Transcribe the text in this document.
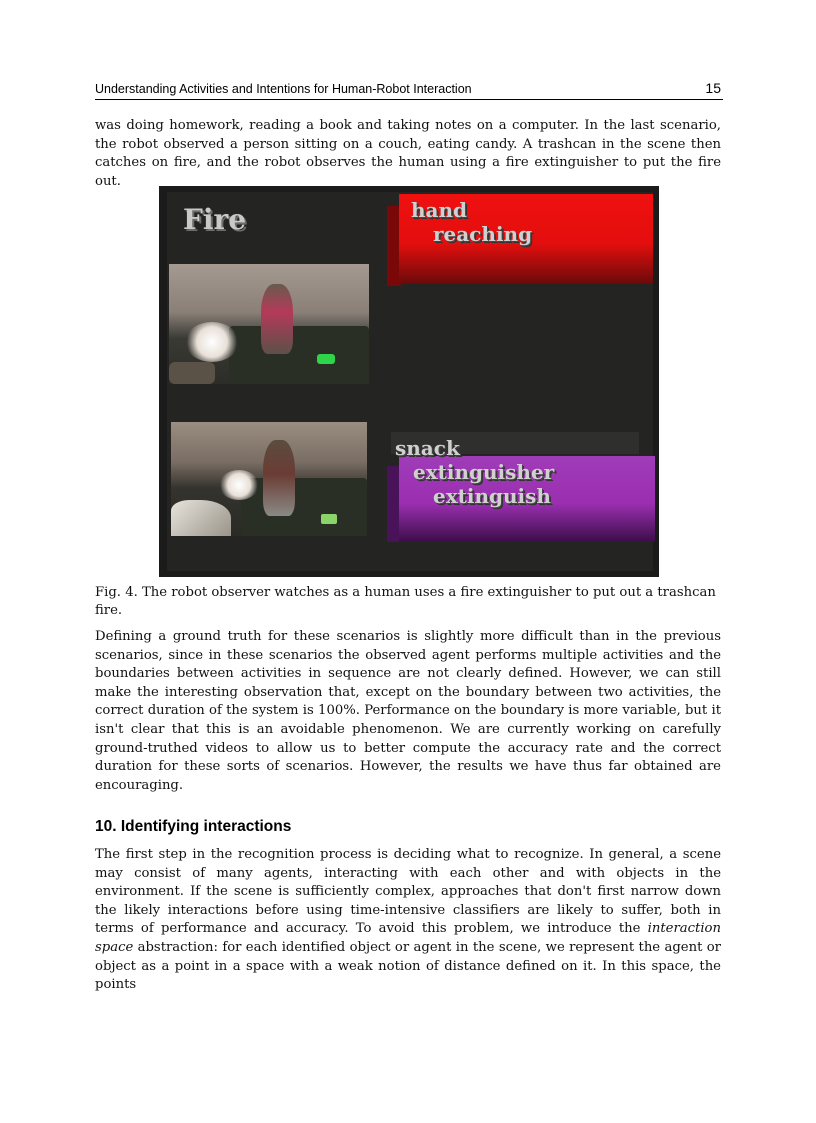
Understanding Activities and Intentions for Human-Robot Interaction	15

was doing homework, reading a book and taking notes on a computer. In the last scenario, the robot observed a person sitting on a couch, eating candy. A trashcan in the scene then catches on fire, and the robot observes the human using a fire extinguisher to put the fire out.

Fire	hand
reaching
snack
extinguisher
extinguish

Fig. 4. The robot observer watches as a human uses a fire extinguisher to put out a trashcan fire.

Defining a ground truth for these scenarios is slightly more difficult than in the previous scenarios, since in these scenarios the observed agent performs multiple activities and the boundaries between activities in sequence are not clearly defined. However, we can still make the interesting observation that, except on the boundary between two activities, the correct duration of the system is 100%. Performance on the boundary is more variable, but it isn't clear that this is an avoidable phenomenon. We are currently working on carefully ground-truthed videos to allow us to better compute the accuracy rate and the correct duration for these sorts of scenarios. However, the results we have thus far obtained are encouraging.

10. Identifying interactions

The first step in the recognition process is deciding what to recognize. In general, a scene may consist of many agents, interacting with each other and with objects in the environment. If the scene is sufficiently complex, approaches that don't first narrow down the likely interactions before using time-intensive classifiers are likely to suffer, both in terms of performance and accuracy. To avoid this problem, we introduce the interaction space abstraction: for each identified object or agent in the scene, we represent the agent or object as a point in a space with a weak notion of distance defined on it. In this space, the points
